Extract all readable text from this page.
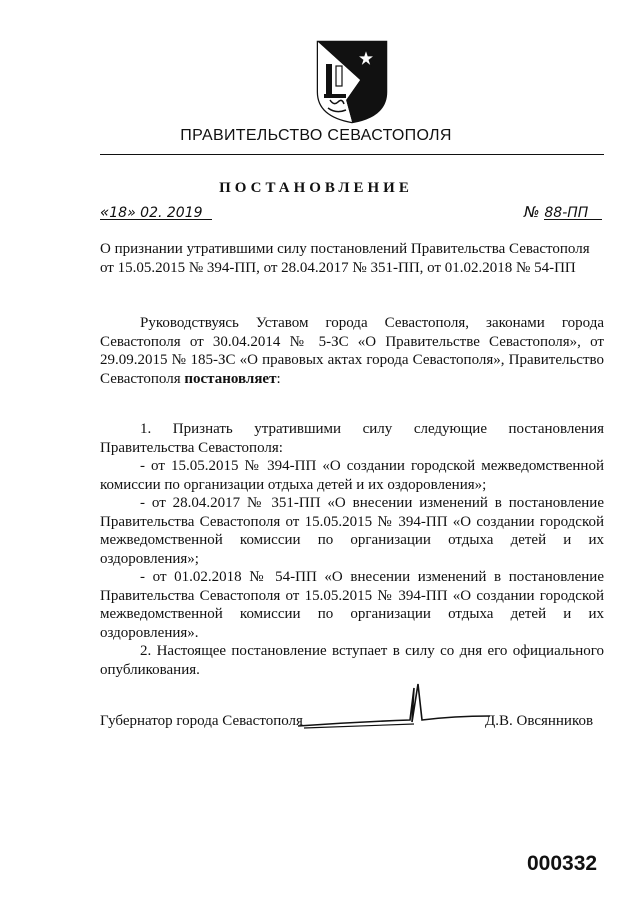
ПРАВИТЕЛЬСТВО СЕВАСТОПОЛЯ
ПОСТАНОВЛЕНИЕ
«18» 02. 2019	№ 88-ПП
О признании утратившими силу постановлений Правительства Севастополя от 15.05.2015 № 394-ПП, от 28.04.2017 № 351-ПП, от 01.02.2018 № 54-ПП
Руководствуясь Уставом города Севастополя, законами города Севастополя от 30.04.2014 № 5-ЗС «О Правительстве Севастополя», от 29.09.2015 № 185-ЗС «О правовых актах города Севастополя», Правительство Севастополя постановляет:

1. Признать утратившими силу следующие постановления Правительства Севастополя:

- от 15.05.2015 № 394-ПП «О создании городской межведомственной комиссии по организации отдыха детей и их оздоровления»;

- от 28.04.2017 № 351-ПП «О внесении изменений в постановление Правительства Севастополя от 15.05.2015 № 394-ПП «О создании городской межведомственной комиссии по организации отдыха детей и их оздоровления»;

- от 01.02.2018 № 54-ПП «О внесении изменений в постановление Правительства Севастополя от 15.05.2015 № 394-ПП «О создании городской межведомственной комиссии по организации отдыха детей и их оздоровления».

2. Настоящее постановление вступает в силу со дня его официального опубликования.

Губернатор города Севастополя	Д.В. Овсянников
000332
